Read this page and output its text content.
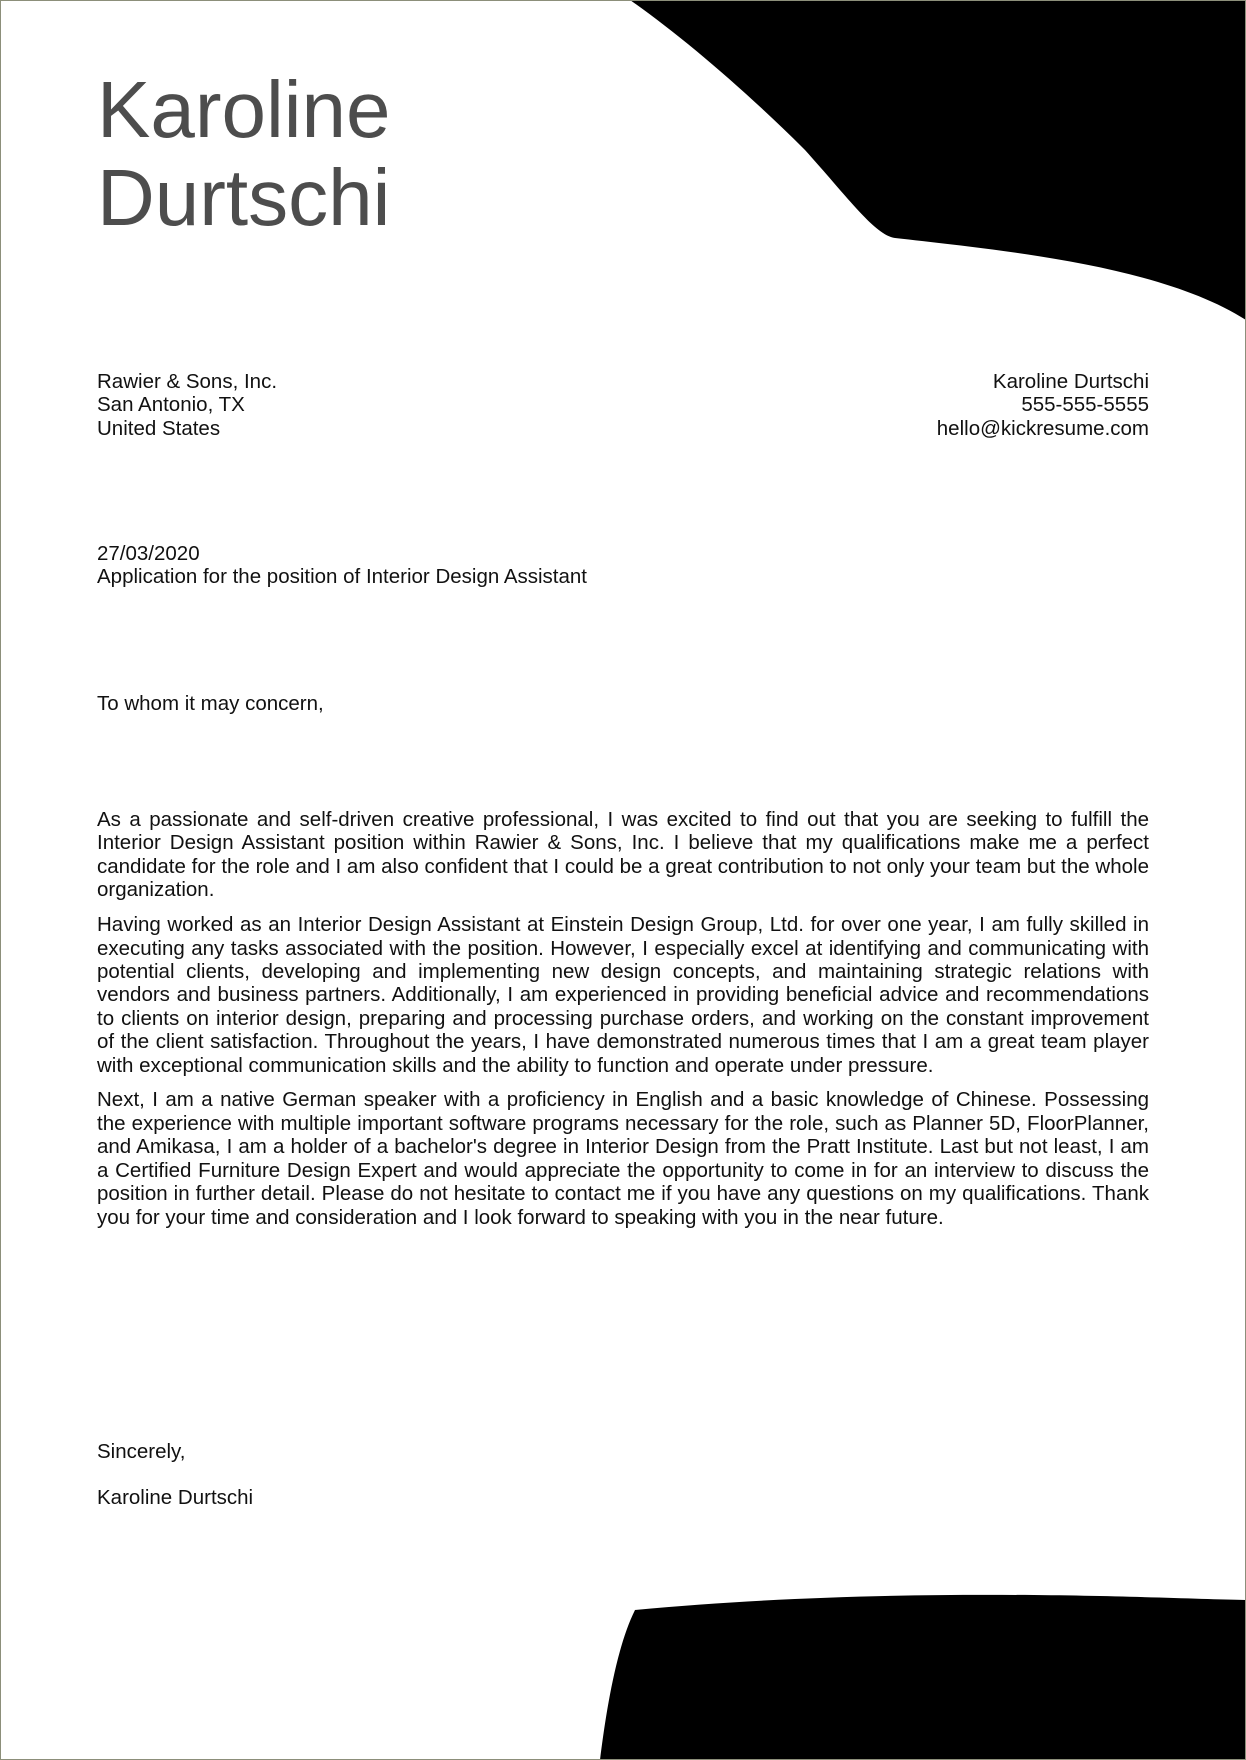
Karoline
Durtschi
Rawier & Sons, Inc.
San Antonio, TX
United States
Karoline Durtschi
555-555-5555
hello@kickresume.com
27/03/2020
Application for the position of Interior Design Assistant
To whom it may concern,

As a passionate and self-driven creative professional, I was excited to find out that you are seeking to fulfill the Interior Design Assistant position within Rawier & Sons, Inc. I believe that my qualifications make me a perfect candidate for the role and I am also confident that I could be a great contribution to not only your team but the whole organization.

Having worked as an Interior Design Assistant at Einstein Design Group, Ltd. for over one year, I am fully skilled in executing any tasks associated with the position. However, I especially excel at identifying and communicating with potential clients, developing and implementing new design concepts, and maintaining strategic relations with vendors and business partners. Additionally, I am experienced in providing beneficial advice and recommendations to clients on interior design, preparing and processing purchase orders, and working on the constant improvement of the client satisfaction. Throughout the years, I have demonstrated numerous times that I am a great team player with exceptional communication skills and the ability to function and operate under pressure.

Next, I am a native German speaker with a proficiency in English and a basic knowledge of Chinese. Possessing the experience with multiple important software programs necessary for the role, such as Planner 5D, FloorPlanner, and Amikasa, I am a holder of a bachelor's degree in Interior Design from the Pratt Institute. Last but not least, I am a Certified Furniture Design Expert and would appreciate the opportunity to come in for an interview to discuss the position in further detail. Please do not hesitate to contact me if you have any questions on my qualifications. Thank you for your time and consideration and I look forward to speaking with you in the near future.

Sincerely,
Karoline Durtschi
